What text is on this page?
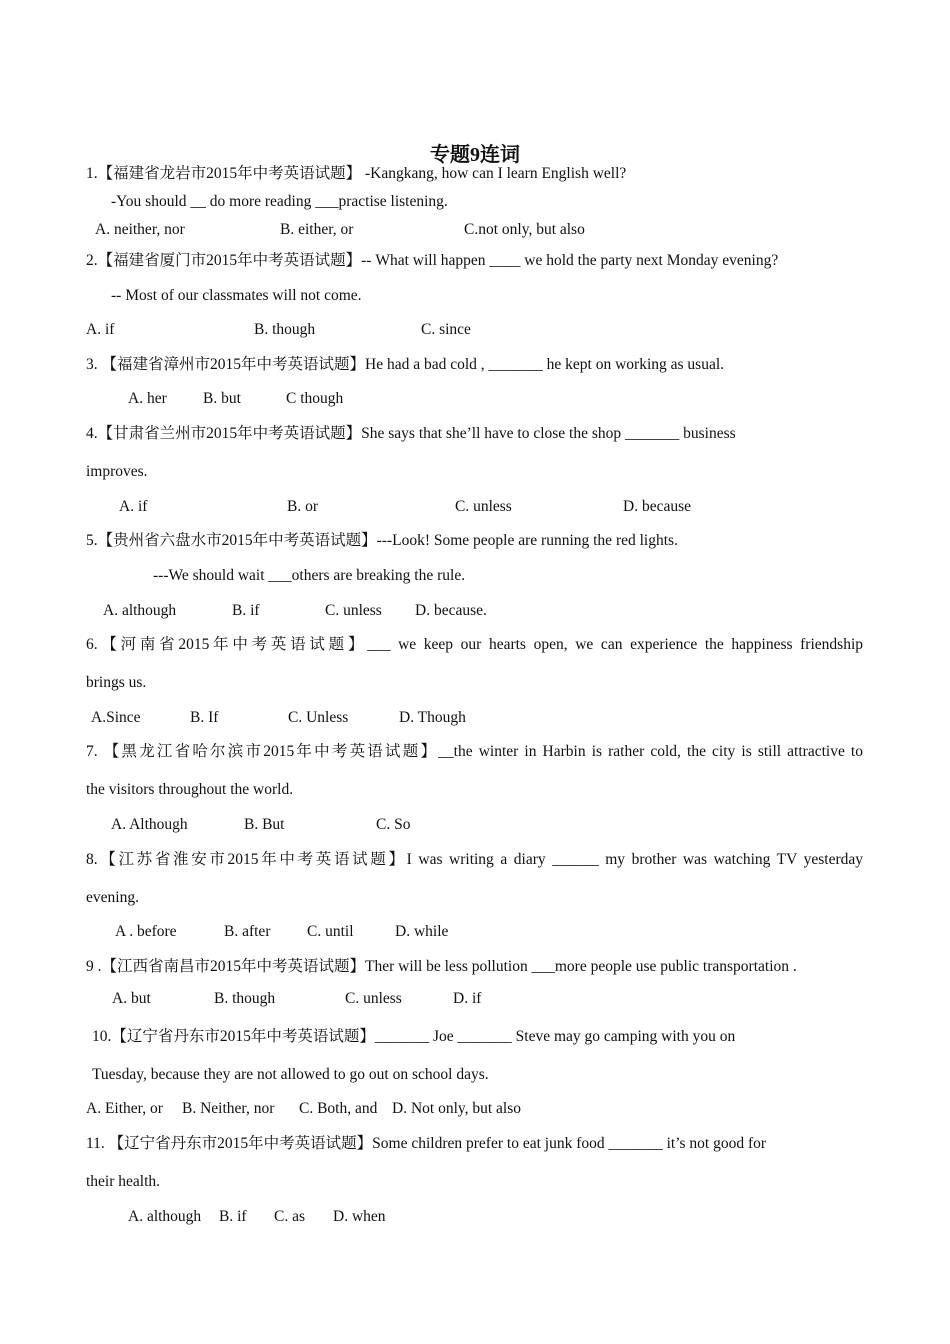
专题9连词
1.【福建省龙岩市2015年中考英语试题】 -Kangkang, how can I learn English well?
-You should __ do more reading ___practise listening.
A. neither, nor	B. either, or	C.not only, but also
2.【福建省厦门市2015年中考英语试题】-- What will happen ____ we hold the party next Monday evening?
-- Most of our classmates will not come.
A. if	B. though	C. since
3. 【福建省漳州市2015年中考英语试题】He had a bad cold , _______ he kept on working as usual.
A. her B. but	C though
4.【甘肃省兰州市2015年中考英语试题】She says that she’ll have to close the shop _______ business
improves.
A. if	B. or	C. unless	D. because
5.【贵州省六盘水市2015年中考英语试题】---Look! Some people are running the red lights.
---We should wait ___others are breaking the rule.
A. although	B. if	C. unless D. because.
6.【河南省2015年中考英语试题】___ we keep our hearts open, we can experience the happiness friendship
brings us.
A.Since	B. If	C. Unless	D. Though
7. 【黑龙江省哈尔滨市2015年中考英语试题】__the winter in Harbin is rather cold, the city is still attractive to
the visitors throughout the world.
A. Although	B. But	C. So
8.【江苏省淮安市2015年中考英语试题】I was writing a diary ______ my brother was watching TV yesterday
evening.
A . before	B. after C. until	D. while
9 .【江西省南昌市2015年中考英语试题】Ther will be less pollution ___more people use public transportation .
A. but	B. though	C. unless	D. if
10.【辽宁省丹东市2015年中考英语试题】_______ Joe _______ Steve may go camping with you on
Tuesday, because they are not allowed to go out on school days.
A. Either, or B. Neither, nor C. Both, and D. Not only, but also
11. 【辽宁省丹东市2015年中考英语试题】Some children prefer to eat junk food _______ it’s not good for
their health.
A. although B. if C. as D. when
